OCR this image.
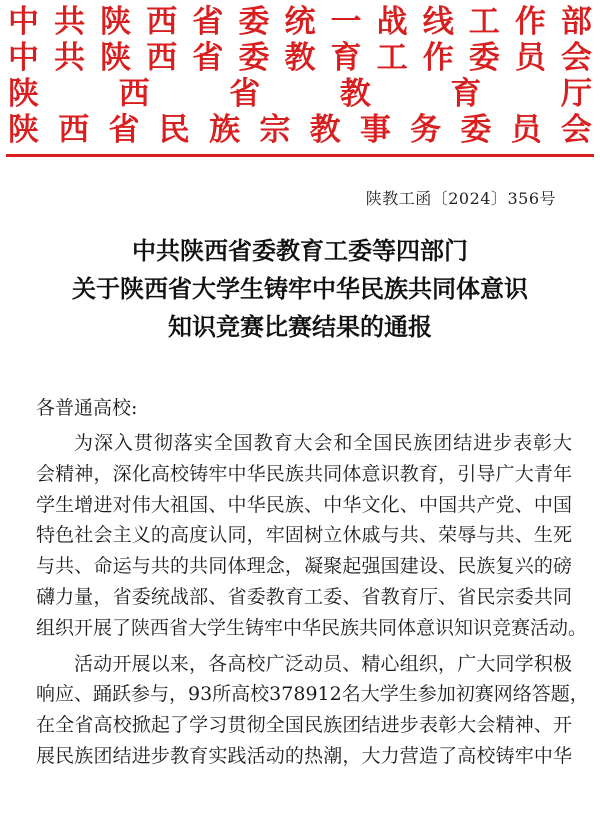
中 共 陕 西 省 委 统 一 战 线 工 作 部
中 共 陕 西 省 委 教 育 工 作 委 员 会
陕	西	省	教	育	厅
陕 西 省 民 族 宗 教 事 务 委 员 会
陕教工函〔2024〕356号
中共陕西省委教育工委等四部门
关于陕西省大学生铸牢中华民族共同体意识
知识竞赛比赛结果的通报
各普通高校:
为深入贯彻落实全国教育大会和全国民族团结进步表彰大
会精神，深化高校铸牢中华民族共同体意识教育，引导广大青年
学生增进对伟大祖国、中华民族、中华文化、中国共产党、中国
特色社会主义的高度认同，牢固树立休戚与共、荣辱与共、生死
与共、命运与共的共同体理念，凝聚起强国建设、民族复兴的磅
礴力量，省委统战部、省委教育工委、省教育厅、省民宗委共同
组织开展了陕西省大学生铸牢中华民族共同体意识知识竞赛活动。
活动开展以来，各高校广泛动员、精心组织，广大同学积极
响应、踊跃参与，93所高校378912名大学生参加初赛网络答题，
在全省高校掀起了学习贯彻全国民族团结进步表彰大会精神、开
展民族团结进步教育实践活动的热潮，大力营造了高校铸牢中华
